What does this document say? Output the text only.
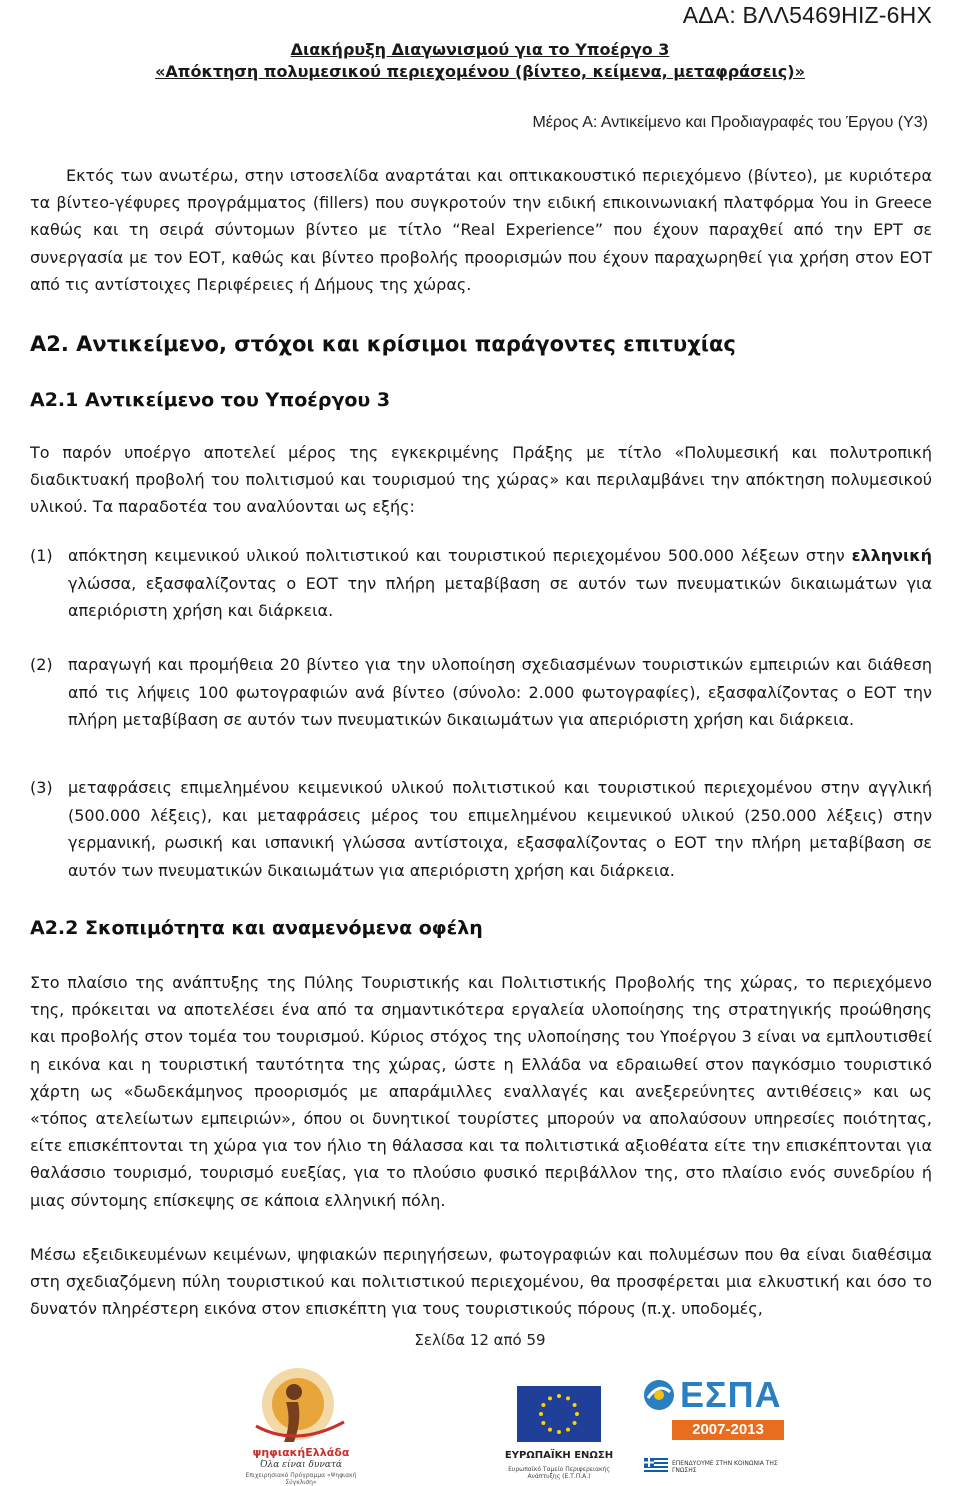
ΑΔΑ: ΒΛΛ5469ΗΙΖ-6ΗΧ
Διακήρυξη Διαγωνισμού για το Υποέργο 3
«Απόκτηση πολυμεσικού περιεχομένου (βίντεο, κείμενα, μεταφράσεις)»
Μέρος Α: Αντικείμενο και Προδιαγραφές του Έργου (Υ3)
Εκτός των ανωτέρω, στην ιστοσελίδα αναρτάται και οπτικακουστικό περιεχόμενο (βίντεο), με κυριότερα τα βίντεο-γέφυρες προγράμματος (fillers) που συγκροτούν την ειδική επικοινωνιακή πλατφόρμα You in Greece καθώς και τη σειρά σύντομων βίντεο με τίτλο “Real Experience” που έχουν παραχθεί από την ΕΡΤ σε συνεργασία με τον ΕΟΤ, καθώς και βίντεο προβολής προορισμών που έχουν παραχωρηθεί για χρήση στον ΕΟΤ από τις αντίστοιχες Περιφέρειες ή Δήμους της χώρας.
Α2. Αντικείμενο, στόχοι και κρίσιμοι παράγοντες επιτυχίας
Α2.1 Αντικείμενο του Υποέργου 3
Το παρόν υποέργο αποτελεί μέρος της εγκεκριμένης Πράξης με τίτλο «Πολυμεσική και πολυτροπική διαδικτυακή προβολή του πολιτισμού και τουρισμού της χώρας» και περιλαμβάνει την απόκτηση πολυμεσικού υλικού. Τα παραδοτέα του αναλύονται ως εξής:
(1) απόκτηση κειμενικού υλικού πολιτιστικού και τουριστικού περιεχομένου 500.000 λέξεων στην ελληνική γλώσσα, εξασφαλίζοντας ο ΕΟΤ την πλήρη μεταβίβαση σε αυτόν των πνευματικών δικαιωμάτων για απεριόριστη χρήση και διάρκεια.
(2) παραγωγή και προμήθεια 20 βίντεο για την υλοποίηση σχεδιασμένων τουριστικών εμπειριών και διάθεση από τις λήψεις 100 φωτογραφιών ανά βίντεο (σύνολο: 2.000 φωτογραφίες), εξασφαλίζοντας ο ΕΟΤ την πλήρη μεταβίβαση σε αυτόν των πνευματικών δικαιωμάτων για απεριόριστη χρήση και διάρκεια.
(3) μεταφράσεις επιμελημένου κειμενικού υλικού πολιτιστικού και τουριστικού περιεχομένου στην αγγλική (500.000 λέξεις), και μεταφράσεις μέρος του επιμελημένου κειμενικού υλικού (250.000 λέξεις) στην γερμανική, ρωσική και ισπανική γλώσσα αντίστοιχα, εξασφαλίζοντας ο ΕΟΤ την πλήρη μεταβίβαση σε αυτόν των πνευματικών δικαιωμάτων για απεριόριστη χρήση και διάρκεια.
Α2.2 Σκοπιμότητα και αναμενόμενα οφέλη
Στο πλαίσιο της ανάπτυξης της Πύλης Τουριστικής και Πολιτιστικής Προβολής της χώρας, το περιεχόμενο της, πρόκειται να αποτελέσει ένα από τα σημαντικότερα εργαλεία υλοποίησης της στρατηγικής προώθησης και προβολής στον τομέα του τουρισμού. Κύριος στόχος της υλοποίησης του Υποέργου 3 είναι να εμπλουτισθεί η εικόνα και η τουριστική ταυτότητα της χώρας, ώστε η Ελλάδα να εδραιωθεί στον παγκόσμιο τουριστικό χάρτη ως «δωδεκάμηνος προορισμός με απαράμιλλες εναλλαγές και ανεξερεύνητες αντιθέσεις» και ως «τόπος ατελείωτων εμπειριών», όπου οι δυνητικοί τουρίστες μπορούν να απολαύσουν υπηρεσίες ποιότητας, είτε επισκέπτονται τη χώρα για τον ήλιο τη θάλασσα και τα πολιτιστικά αξιοθέατα είτε την επισκέπτονται για θαλάσσιο τουρισμό, τουρισμό ευεξίας, για το πλούσιο φυσικό περιβάλλον της, στο πλαίσιο ενός συνεδρίου ή μιας σύντομης επίσκεψης σε κάποια ελληνική πόλη.
Μέσω εξειδικευμένων κειμένων, ψηφιακών περιηγήσεων, φωτογραφιών και πολυμέσων που θα είναι διαθέσιμα στη σχεδιαζόμενη πύλη τουριστικού και πολιτιστικού περιεχομένου, θα προσφέρεται μια ελκυστική και όσο το δυνατόν πληρέστερη εικόνα στον επισκέπτη για τους τουριστικούς πόρους (π.χ. υποδομές,
Σελίδα 12 από 59
ψηφιακήΕλλάδα
Όλα είναι δυνατά
Επιχειρησιακό Πρόγραμμα «Ψηφιακή Σύγκλιση»
ΕΥΡΩΠΑΪΚΗ ΕΝΩΣΗ
Ευρωπαϊκό Ταμείο Περιφερειακής Ανάπτυξης (Ε.Τ.Π.Α.)
ΕΣΠΑ
2007-2013
ΕΠΕΝΔΥΟΥΜΕ ΣΤΗΝ ΚΟΙΝΩΝΙΑ ΤΗΣ ΓΝΩΣΗΣ
